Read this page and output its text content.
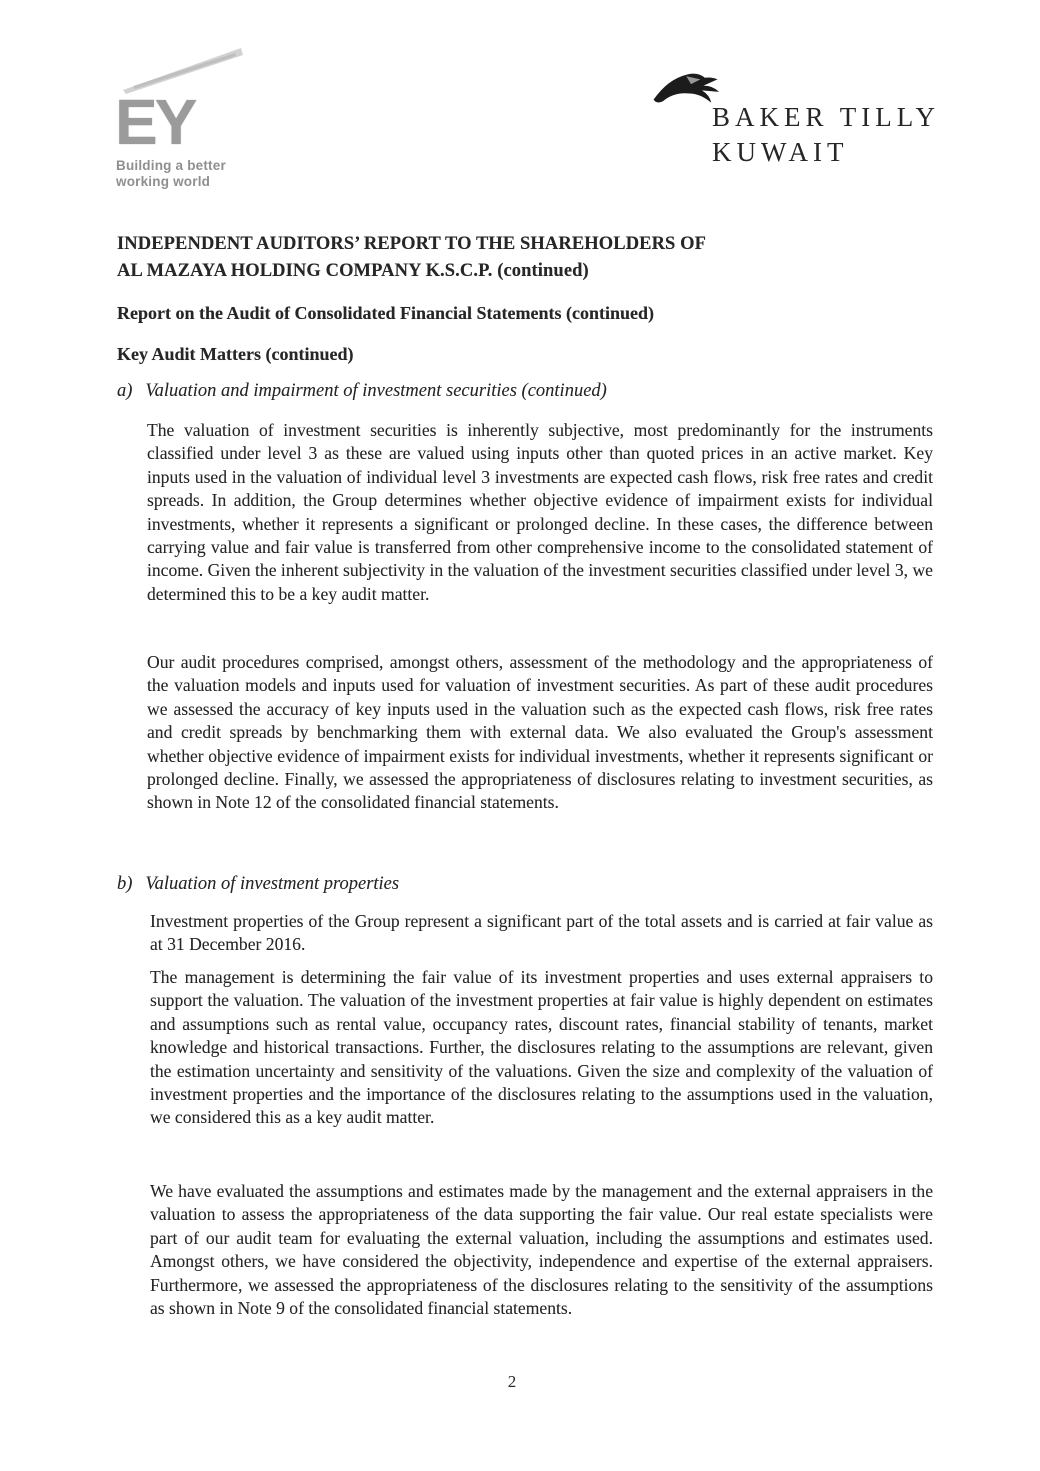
EY
Building a better
working world
BAKER TILLY
KUWAIT
INDEPENDENT AUDITORS’ REPORT TO THE SHAREHOLDERS OF
AL MAZAYA HOLDING COMPANY K.S.C.P. (continued)
Report on the Audit of Consolidated Financial Statements (continued)
Key Audit Matters (continued)
a) Valuation and impairment of investment securities (continued)

The valuation of investment securities is inherently subjective, most predominantly for the instruments classified under level 3 as these are valued using inputs other than quoted prices in an active market. Key inputs used in the valuation of individual level 3 investments are expected cash flows, risk free rates and credit spreads. In addition, the Group determines whether objective evidence of impairment exists for individual investments, whether it represents a significant or prolonged decline. In these cases, the difference between carrying value and fair value is transferred from other comprehensive income to the consolidated statement of income. Given the inherent subjectivity in the valuation of the investment securities classified under level 3, we determined this to be a key audit matter.

Our audit procedures comprised, amongst others, assessment of the methodology and the appropriateness of the valuation models and inputs used for valuation of investment securities. As part of these audit procedures we assessed the accuracy of key inputs used in the valuation such as the expected cash flows, risk free rates and credit spreads by benchmarking them with external data. We also evaluated the Group's assessment whether objective evidence of impairment exists for individual investments, whether it represents significant or prolonged decline. Finally, we assessed the appropriateness of disclosures relating to investment securities, as shown in Note 12 of the consolidated financial statements.

b) Valuation of investment properties

Investment properties of the Group represent a significant part of the total assets and is carried at fair value as at 31 December 2016.

The management is determining the fair value of its investment properties and uses external appraisers to support the valuation. The valuation of the investment properties at fair value is highly dependent on estimates and assumptions such as rental value, occupancy rates, discount rates, financial stability of tenants, market knowledge and historical transactions. Further, the disclosures relating to the assumptions are relevant, given the estimation uncertainty and sensitivity of the valuations. Given the size and complexity of the valuation of investment properties and the importance of the disclosures relating to the assumptions used in the valuation, we considered this as a key audit matter.

We have evaluated the assumptions and estimates made by the management and the external appraisers in the valuation to assess the appropriateness of the data supporting the fair value. Our real estate specialists were part of our audit team for evaluating the external valuation, including the assumptions and estimates used. Amongst others, we have considered the objectivity, independence and expertise of the external appraisers. Furthermore, we assessed the appropriateness of the disclosures relating to the sensitivity of the assumptions as shown in Note 9 of the consolidated financial statements.

2
